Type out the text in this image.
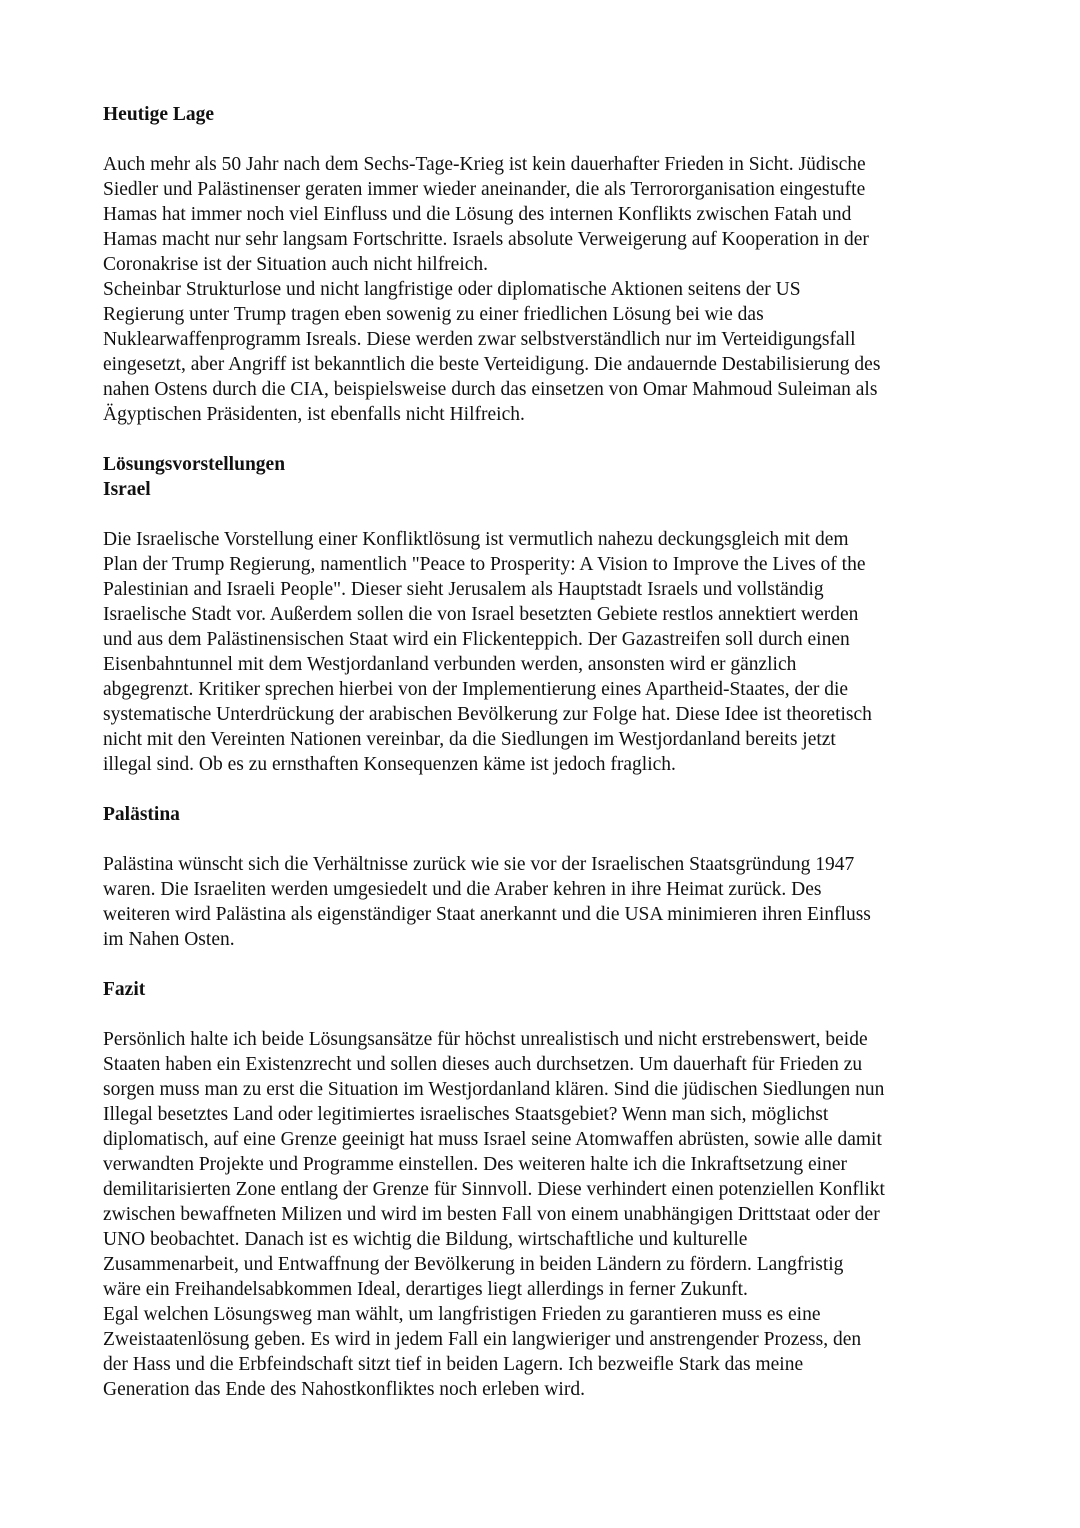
Heutige Lage

Auch mehr als 50 Jahr nach dem Sechs-Tage-Krieg ist kein dauerhafter Frieden in Sicht. Jüdische
Siedler und Palästinenser geraten immer wieder aneinander, die als Terrororganisation eingestufte
Hamas hat immer noch viel Einfluss und die Lösung des internen Konflikts zwischen Fatah und
Hamas macht nur sehr langsam Fortschritte. Israels absolute Verweigerung auf Kooperation in der
Coronakrise ist der Situation auch nicht hilfreich.

Scheinbar Strukturlose und nicht langfristige oder diplomatische Aktionen seitens der US
Regierung unter Trump tragen eben sowenig zu einer friedlichen Lösung bei wie das
Nuklearwaffenprogramm Isreals. Diese werden zwar selbstverständlich nur im Verteidigungsfall
eingesetzt, aber Angriff ist bekanntlich die beste Verteidigung. Die andauernde Destabilisierung des
nahen Ostens durch die CIA, beispielsweise durch das einsetzen von Omar Mahmoud Suleiman als
Ägyptischen Präsidenten, ist ebenfalls nicht Hilfreich.

Lösungsvorstellungen
Israel

Die Israelische Vorstellung einer Konfliktlösung ist vermutlich nahezu deckungsgleich mit dem
Plan der Trump Regierung, namentlich "Peace to Prosperity: A Vision to Improve the Lives of the
Palestinian and Israeli People". Dieser sieht Jerusalem als Hauptstadt Israels und vollständig
Israelische Stadt vor. Außerdem sollen die von Israel besetzten Gebiete restlos annektiert werden
und aus dem Palästinensischen Staat wird ein Flickenteppich. Der Gazastreifen soll durch einen
Eisenbahntunnel mit dem Westjordanland verbunden werden, ansonsten wird er gänzlich
abgegrenzt. Kritiker sprechen hierbei von der Implementierung eines Apartheid-Staates, der die
systematische Unterdrückung der arabischen Bevölkerung zur Folge hat. Diese Idee ist theoretisch
nicht mit den Vereinten Nationen vereinbar, da die Siedlungen im Westjordanland bereits jetzt
illegal sind. Ob es zu ernsthaften Konsequenzen käme ist jedoch fraglich.

Palästina

Palästina wünscht sich die Verhältnisse zurück wie sie vor der Israelischen Staatsgründung 1947
waren. Die Israeliten werden umgesiedelt und die Araber kehren in ihre Heimat zurück. Des
weiteren wird Palästina als eigenständiger Staat anerkannt und die USA minimieren ihren Einfluss
im Nahen Osten.

Fazit

Persönlich halte ich beide Lösungsansätze für höchst unrealistisch und nicht erstrebenswert, beide
Staaten haben ein Existenzrecht und sollen dieses auch durchsetzen. Um dauerhaft für Frieden zu
sorgen muss man zu erst die Situation im Westjordanland klären. Sind die jüdischen Siedlungen nun
Illegal besetztes Land oder legitimiertes israelisches Staatsgebiet? Wenn man sich, möglichst
diplomatisch, auf eine Grenze geeinigt hat muss Israel seine Atomwaffen abrüsten, sowie alle damit
verwandten Projekte und Programme einstellen. Des weiteren halte ich die Inkraftsetzung einer
demilitarisierten Zone entlang der Grenze für Sinnvoll. Diese verhindert einen potenziellen Konflikt
zwischen bewaffneten Milizen und wird im besten Fall von einem unabhängigen Drittstaat oder der
UNO beobachtet. Danach ist es wichtig die Bildung, wirtschaftliche und kulturelle
Zusammenarbeit, und Entwaffnung der Bevölkerung in beiden Ländern zu fördern. Langfristig
wäre ein Freihandelsabkommen Ideal, derartiges liegt allerdings in ferner Zukunft.

Egal welchen Lösungsweg man wählt, um langfristigen Frieden zu garantieren muss es eine
Zweistaatenlösung geben. Es wird in jedem Fall ein langwieriger und anstrengender Prozess, den
der Hass und die Erbfeindschaft sitzt tief in beiden Lagern. Ich bezweifle Stark das meine
Generation das Ende des Nahostkonfliktes noch erleben wird.
